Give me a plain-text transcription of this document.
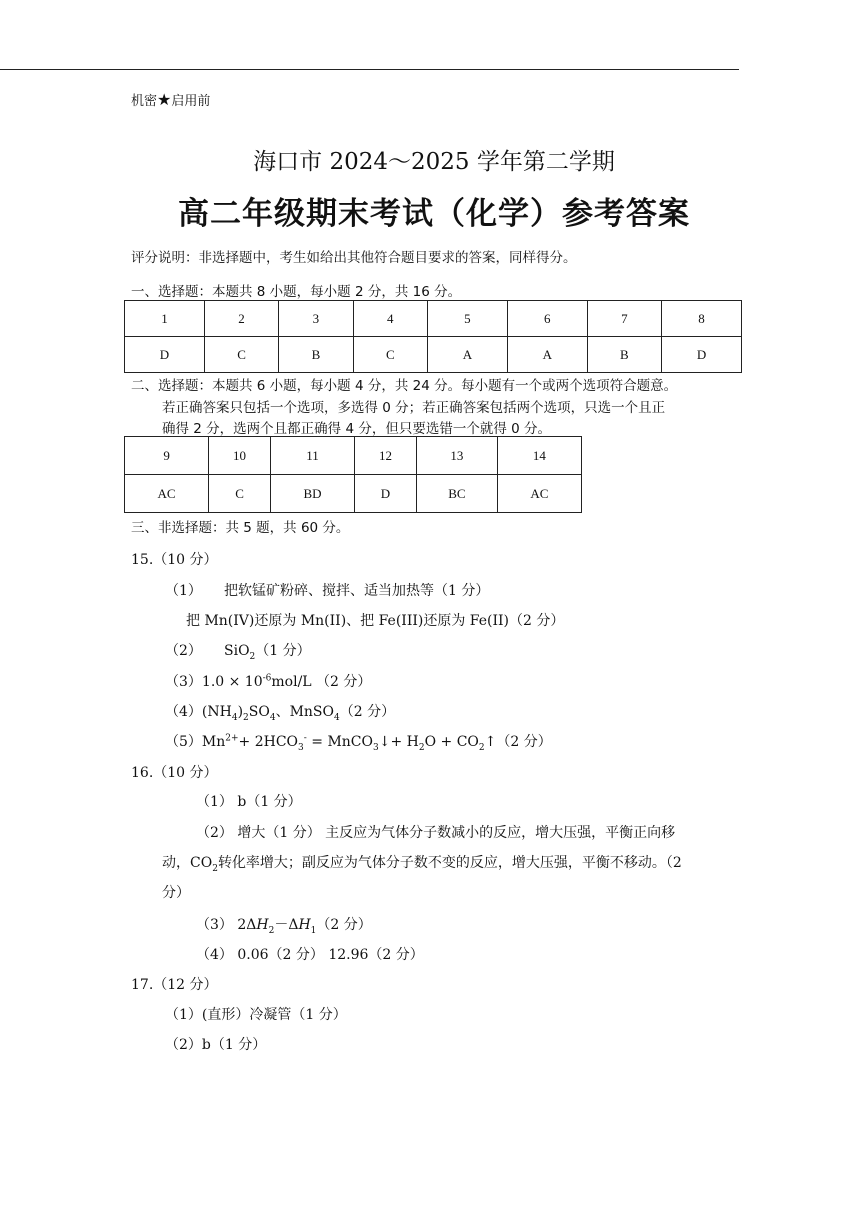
机密★启用前
海口市 2024～2025 学年第二学期
高二年级期末考试（化学）参考答案
评分说明：非选择题中，考生如给出其他符合题目要求的答案，同样得分。
一、选择题：本题共 8 小题，每小题 2 分，共 16 分。
1	2	3	4	5	6	7	8
D	C	B	C	A	A	B	D
二、选择题：本题共 6 小题，每小题 4 分，共 24 分。每小题有一个或两个选项符合题意。
若正确答案只包括一个选项，多选得 0 分；若正确答案包括两个选项，只选一个且正
确得 2 分，选两个且都正确得 4 分，但只要选错一个就得 0 分。
9	10	11	12	13	14
AC	C	BD	D	BC	AC
三、非选择题：共 5 题，共 60 分。
15.（10 分）
（1） 把软锰矿粉碎、搅拌、适当加热等（1 分）
把 Mn(IV)还原为 Mn(II)、把 Fe(III)还原为 Fe(II)（2 分）
（2） SiO$_2$（1 分）
$(3)1.0 \times 10^{-6}mol/L$ （2 分）
$(4)(NH_4)_2SO_4$、MnSO$_4$（2 分）
$(5)Mn^{2+}+ 2HCO_3^-$ = MnCO$_3$↓+ $H_2O$ + $CO_2↑(2$ 分）
16.（10 分）
（1） b（1 分）
（2） 增大（1 分） 主反应为气体分子数减小的反应，增大压强，平衡正向移
动，$CO_2$转化率增大；副反应为气体分子数不变的反应，增大压强，平衡不移动。（2
分）
（3） $2\Delta H_2-\Delta H_1(2$ 分）
（4） 0.06（2 分） 12.96（2 分）
17.（12 分）
（1）(直形）冷凝管（1 分）
（2）b（1 分）
